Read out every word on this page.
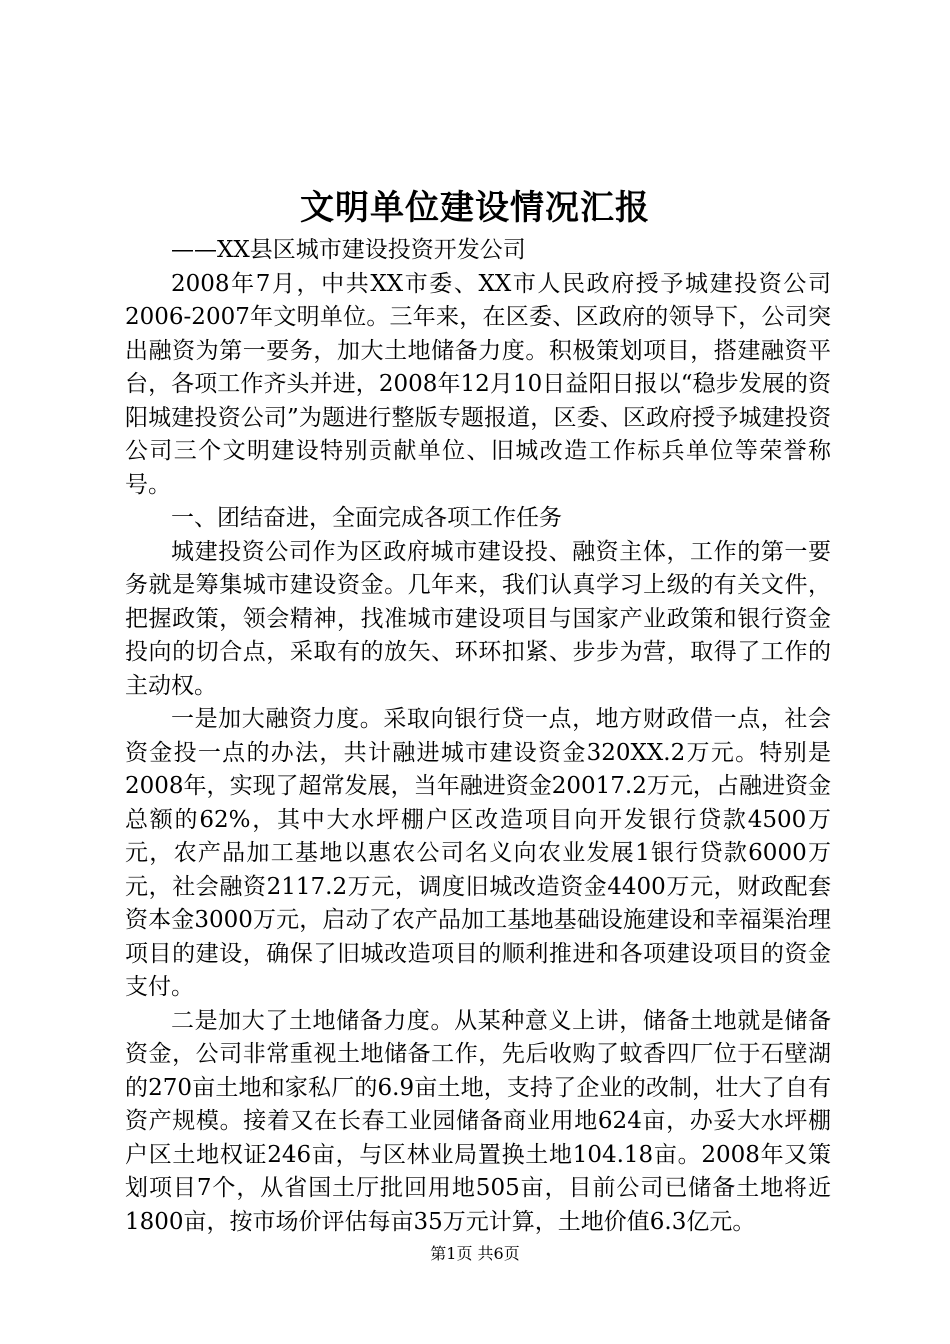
文明单位建设情况汇报

——XX县区城市建设投资开发公司

2008年7月，中共XX市委、XX市人民政府授予城建投资公司2006-2007年文明单位。三年来，在区委、区政府的领导下，公司突出融资为第一要务，加大土地储备力度。积极策划项目，搭建融资平台，各项工作齐头并进，2008年12月10日益阳日报以“稳步发展的资阳城建投资公司”为题进行整版专题报道，区委、区政府授予城建投资公司三个文明建设特别贡献单位、旧城改造工作标兵单位等荣誉称号。

一、团结奋进，全面完成各项工作任务

城建投资公司作为区政府城市建设投、融资主体，工作的第一要务就是筹集城市建设资金。几年来，我们认真学习上级的有关文件，把握政策，领会精神，找准城市建设项目与国家产业政策和银行资金投向的切合点，采取有的放矢、环环扣紧、步步为营，取得了工作的主动权。

一是加大融资力度。采取向银行贷一点，地方财政借一点，社会资金投一点的办法，共计融进城市建设资金320XX.2万元。特别是2008年，实现了超常发展，当年融进资金20017.2万元，占融进资金总额的62%，其中大水坪棚户区改造项目向开发银行贷款4500万元，农产品加工基地以惠农公司名义向农业发展1银行贷款6000万元，社会融资2117.2万元，调度旧城改造资金4400万元，财政配套资本金3000万元，启动了农产品加工基地基础设施建设和幸福渠治理项目的建设，确保了旧城改造项目的顺利推进和各项建设项目的资金支付。

二是加大了土地储备力度。从某种意义上讲，储备土地就是储备资金，公司非常重视土地储备工作，先后收购了蚊香四厂位于石壁湖的270亩土地和家私厂的6.9亩土地，支持了企业的改制，壮大了自有资产规模。接着又在长春工业园储备商业用地624亩，办妥大水坪棚户区土地权证246亩，与区林业局置换土地104.18亩。2008年又策划项目7个，从省国土厅批回用地505亩，目前公司已储备土地将近1800亩，按市场价评估每亩35万元计算，土地价值6.3亿元。

第1页 共6页
